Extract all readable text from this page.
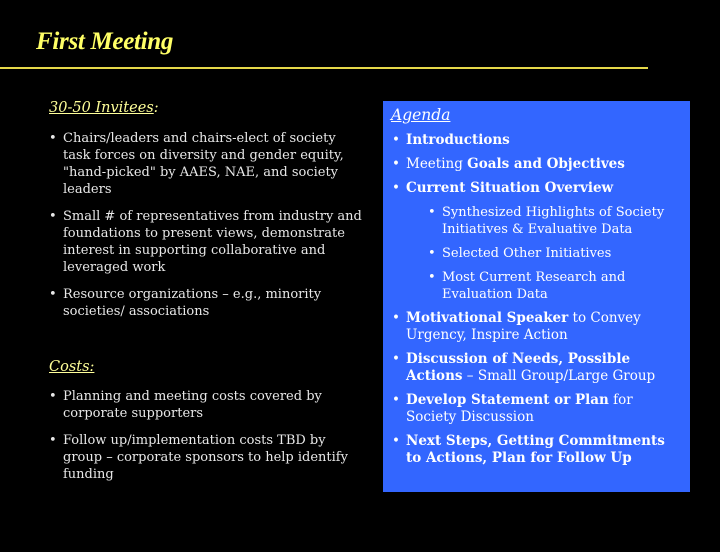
First Meeting
30-50 Invitees:
• Chairs/leaders and chairs-elect of society task forces on diversity and gender equity, "hand-picked" by AAES, NAE, and society leaders
• Small # of representatives from industry and foundations to present views, demonstrate interest in supporting collaborative and leveraged work
• Resource organizations – e.g., minority societies/ associations
Costs:
• Planning and meeting costs covered by corporate supporters
• Follow up/implementation costs TBD by group – corporate sponsors to help identify funding
Agenda
• Introductions
• Meeting Goals and Objectives
• Current Situation Overview
• Synthesized Highlights of Society Initiatives & Evaluative Data
• Selected Other Initiatives
• Most Current Research and Evaluation Data
• Motivational Speaker to Convey Urgency, Inspire Action
• Discussion of Needs, Possible Actions – Small Group/Large Group
• Develop Statement or Plan for Society Discussion
• Next Steps, Getting Commitments to Actions, Plan for Follow Up
